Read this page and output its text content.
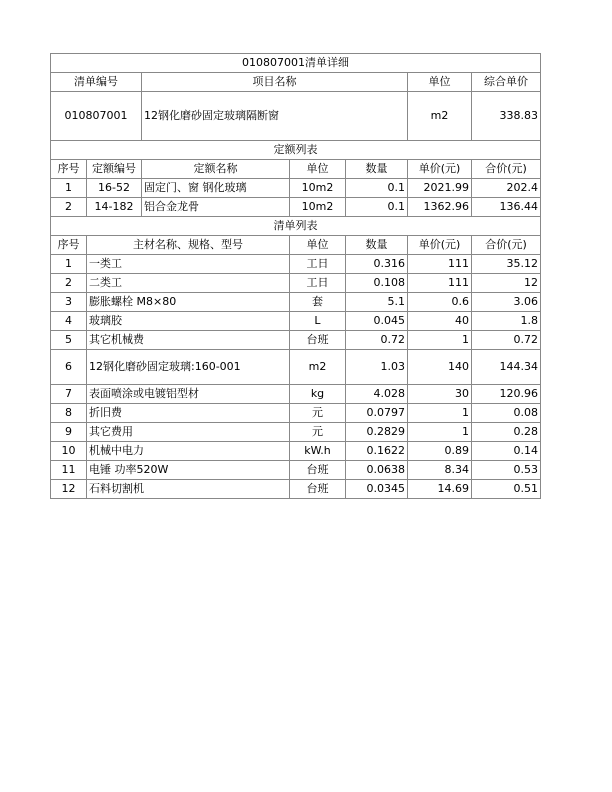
010807001清单详细						
清单编号		项目名称			单位	综合单价
010807001		12钢化磨砂固定玻璃隔断窗			m2	338.83
定额列表						
序号	定额编号	定额名称	单位	数量	单价(元)	合价(元)
1	16-52	固定门、窗 钢化玻璃	10m2	0.1	2021.99	202.4
2	14-182	铝合金龙骨	10m2	0.1	1362.96	136.44
清单列表						
序号	主材名称、规格、型号		单位	数量	单价(元)	合价(元)
1	一类工		工日	0.316	111	35.12
2	二类工		工日	0.108	111	12
3	膨胀螺栓 M8×80		套	5.1	0.6	3.06
4	玻璃胶		L	0.045	40	1.8
5	其它机械费		台班	0.72	1	0.72
6	12钢化磨砂固定玻璃:160-001		m2	1.03	140	144.34
7	表面喷涂或电镀铝型材		kg	4.028	30	120.96
8	折旧费		元	0.0797	1	0.08
9	其它费用		元	0.2829	1	0.28
10	机械中电力		kW.h	0.1622	0.89	0.14
11	电锤 功率520W		台班	0.0638	8.34	0.53
12	石料切割机		台班	0.0345	14.69	0.51
